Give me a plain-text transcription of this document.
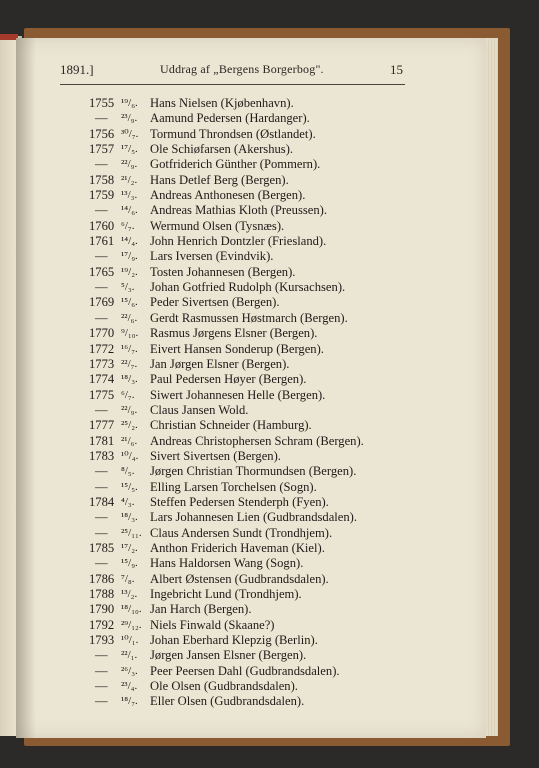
1891.]	Uddrag af „Bergens Borgerbog".	15
1755 ¹⁹/₆. Hans Nielsen (Kjøbenhavn).
—	²³/₉.	Aamund Pedersen (Hardanger).
1756 ³⁰/₇. Tormund Throndsen (Østlandet).
1757 ¹⁷/₅. Ole Schiøfarsen (Akershus).
—	²²/₉.	Gotfriderich Günther (Pommern).
1758 ²¹/₂.	Hans Detlef Berg (Bergen).
1759 ¹³/₃.	Andreas Anthonesen (Bergen).
—	¹⁴/₆. Andreas Mathias Kloth (Preussen).
1760 ⁶/₇.	Wermund Olsen (Tysnæs).
1761 ¹⁴/₄. John Henrich Dontzler (Friesland).
—	¹⁷/₉. Lars Iversen (Evindvik).
1765 ¹⁹/₂. Tosten Johannesen (Bergen).
—	⁵/₃.	Johan Gotfried Rudolph (Kursachsen).
1769 ¹⁵/₆. Peder Sivertsen (Bergen).
—	²²/₆.	Gerdt Rasmussen Høstmarch (Bergen).
1770 ⁹/₁₀. Rasmus Jørgens Elsner (Bergen).
1772 ¹⁶/₇. Eivert Hansen Sonderup (Bergen).
1773 ²²/₇.	Jan Jørgen Elsner (Bergen).
1774 ¹⁸/₃. Paul Pedersen Høyer (Bergen).
1775 ⁶/₇.	Siwert Johannesen Helle (Bergen).
—	²²/₉.	Claus Jansen Wold.
1777 ²⁵/₂. Christian Schneider (Hamburg).
1781 ²¹/₆.	Andreas Christophersen Schram (Bergen).
1783 ¹⁰/₄. Sivert Sivertsen (Bergen).
—	⁸/₅.	Jørgen Christian Thormundsen (Bergen).
—	¹⁵/₅. Elling Larsen Torchelsen (Sogn).
1784 ⁴/₃.	Steffen Pedersen Stenderph (Fyen).
—	¹⁸/₃. Lars Johannesen Lien (Gudbrandsdalen).
—	²⁵/₁₁. Claus Andersen Sundt (Trondhjem).
1785 ¹⁷/₂. Anthon Friderich Haveman (Kiel).
—	¹⁵/₉. Hans Haldorsen Wang (Sogn).
1786 ⁷/₈.	Albert Østensen (Gudbrandsdalen).
1788 ¹³/₂.	Ingebricht Lund (Trondhjem).
1790 ¹⁸/₁₀. Jan Harch (Bergen).
1792 ²⁹/₁₂. Niels Finwald (Skaane?)
1793 ¹⁰/₁. Johan Eberhard Klepzig (Berlin).
—	²²/₁.	Jørgen Jansen Elsner (Bergen).
—	²⁶/₃. Peer Peersen Dahl (Gudbrandsdalen).
—	²³/₄.	Ole Olsen (Gudbrandsdalen).
—	¹⁸/₇. Eller Olsen (Gudbrandsdalen).
